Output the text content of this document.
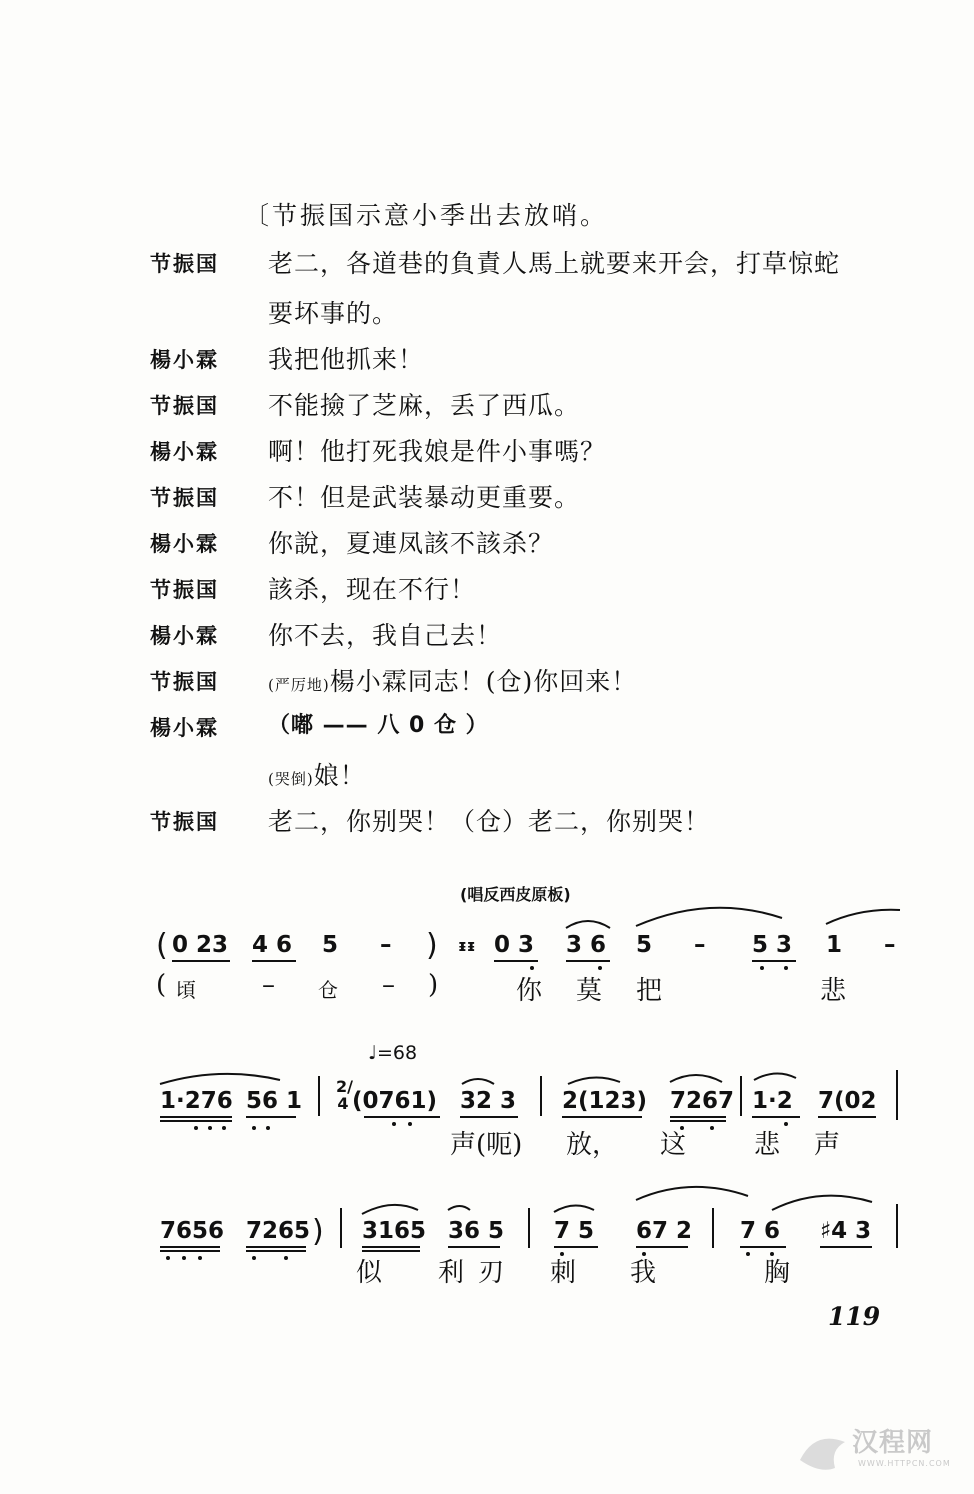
〔节振国示意小季出去放哨。
节振国	老二，各道巷的負責人馬上就要来开会，打草惊蛇
要坏事的。
楊小霖	我把他抓来！
节振国	不能撿了芝麻，丢了西瓜。
楊小霖	啊！他打死我娘是件小事嗎？
节振国	不！但是武装暴动更重要。
楊小霖	你說，夏連凤該不該杀？
节振国	該杀，现在不行！
楊小霖	你不去，我自己去！
节振国	(严厉地)楊小霖同志！(仓)你回来！
楊小霖	（嘟 —— 八 0 仓 ）
(哭倒)娘！
节振国	老二，你别哭！（仓）老二，你别哭！
(唱反西皮原板)
( 0 23 4 6 5 – ) ᵻᵻ 0 3 3 6 5 – 5 3 1 –
( 頃	– 仓 – )	你 莫 把	悲
♩=68
2/4
1·276 56 1 (0761) 32 3 2(123) 7267 1·2 7(02
声(呃) 放， 这	悲 声
7656 7265 ) 3165 36 5 7 5 67 2 7 6 ♯4 3
似 利 刃 刺 我	胸
119
汉程网
WWW.HTTPCN.COM
